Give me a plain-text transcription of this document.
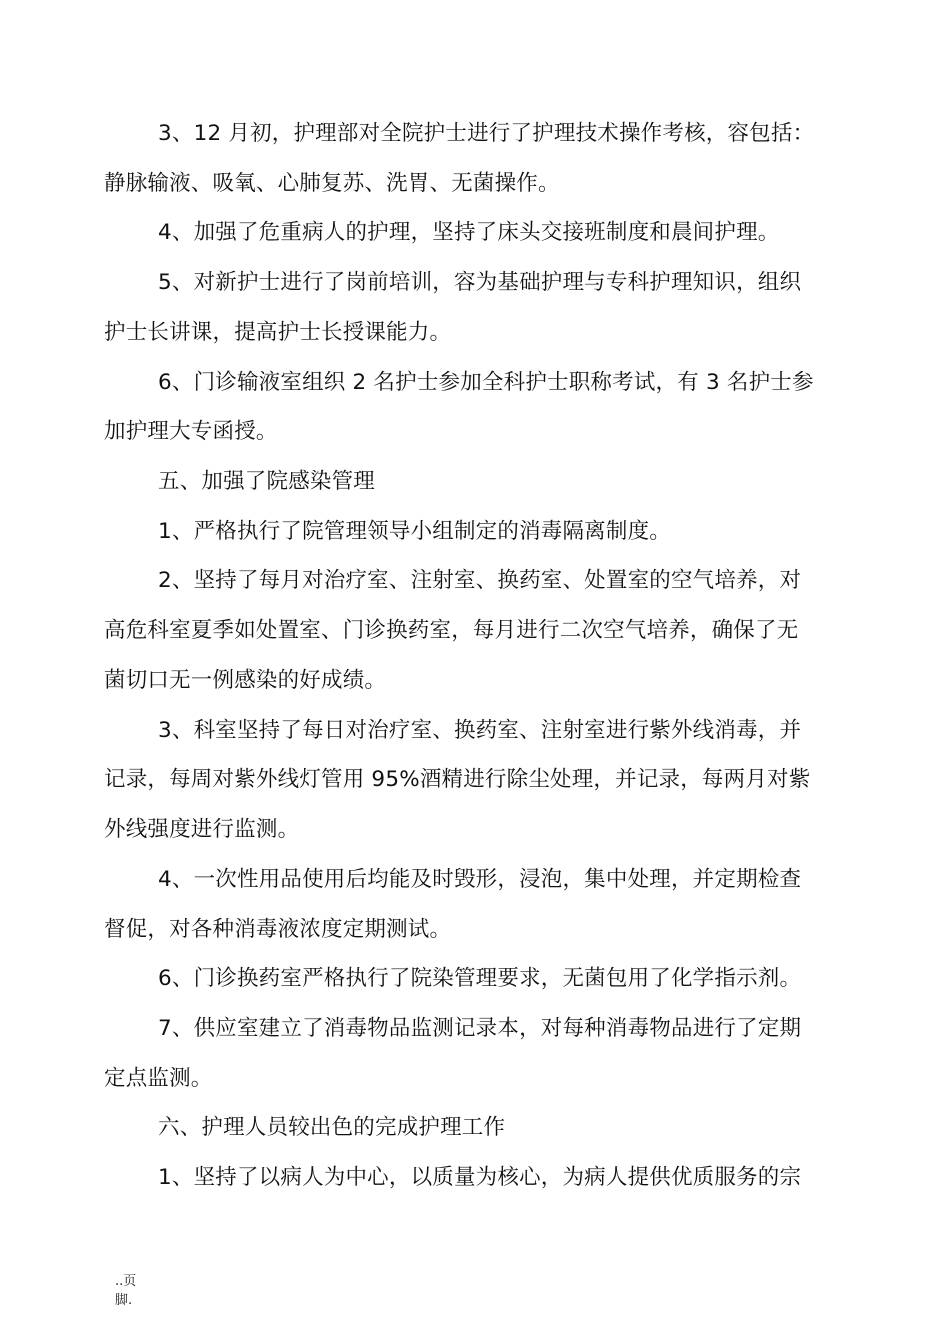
3、12 月初，护理部对全院护士进行了护理技术操作考核，容包括：
静脉输液、吸氧、心肺复苏、洗胃、无菌操作。
4、加强了危重病人的护理，坚持了床头交接班制度和晨间护理。
5、对新护士进行了岗前培训，容为基础护理与专科护理知识，组织
护士长讲课，提高护士长授课能力。
6、门诊输液室组织 2 名护士参加全科护士职称考试，有 3 名护士参
加护理大专函授。
五、加强了院感染管理
1、严格执行了院管理领导小组制定的消毒隔离制度。
2、坚持了每月对治疗室、注射室、换药室、处置室的空气培养，对
高危科室夏季如处置室、门诊换药室，每月进行二次空气培养，确保了无
菌切口无一例感染的好成绩。
3、科室坚持了每日对治疗室、换药室、注射室进行紫外线消毒，并
记录，每周对紫外线灯管用 95%酒精进行除尘处理，并记录，每两月对紫
外线强度进行监测。
4、一次性用品使用后均能及时毁形，浸泡，集中处理，并定期检查
督促，对各种消毒液浓度定期测试。
6、门诊换药室严格执行了院染管理要求，无菌包用了化学指示剂。
7、供应室建立了消毒物品监测记录本，对每种消毒物品进行了定期
定点监测。
六、护理人员较出色的完成护理工作
1、坚持了以病人为中心，以质量为核心，为病人提供优质服务的宗
..页
脚.
